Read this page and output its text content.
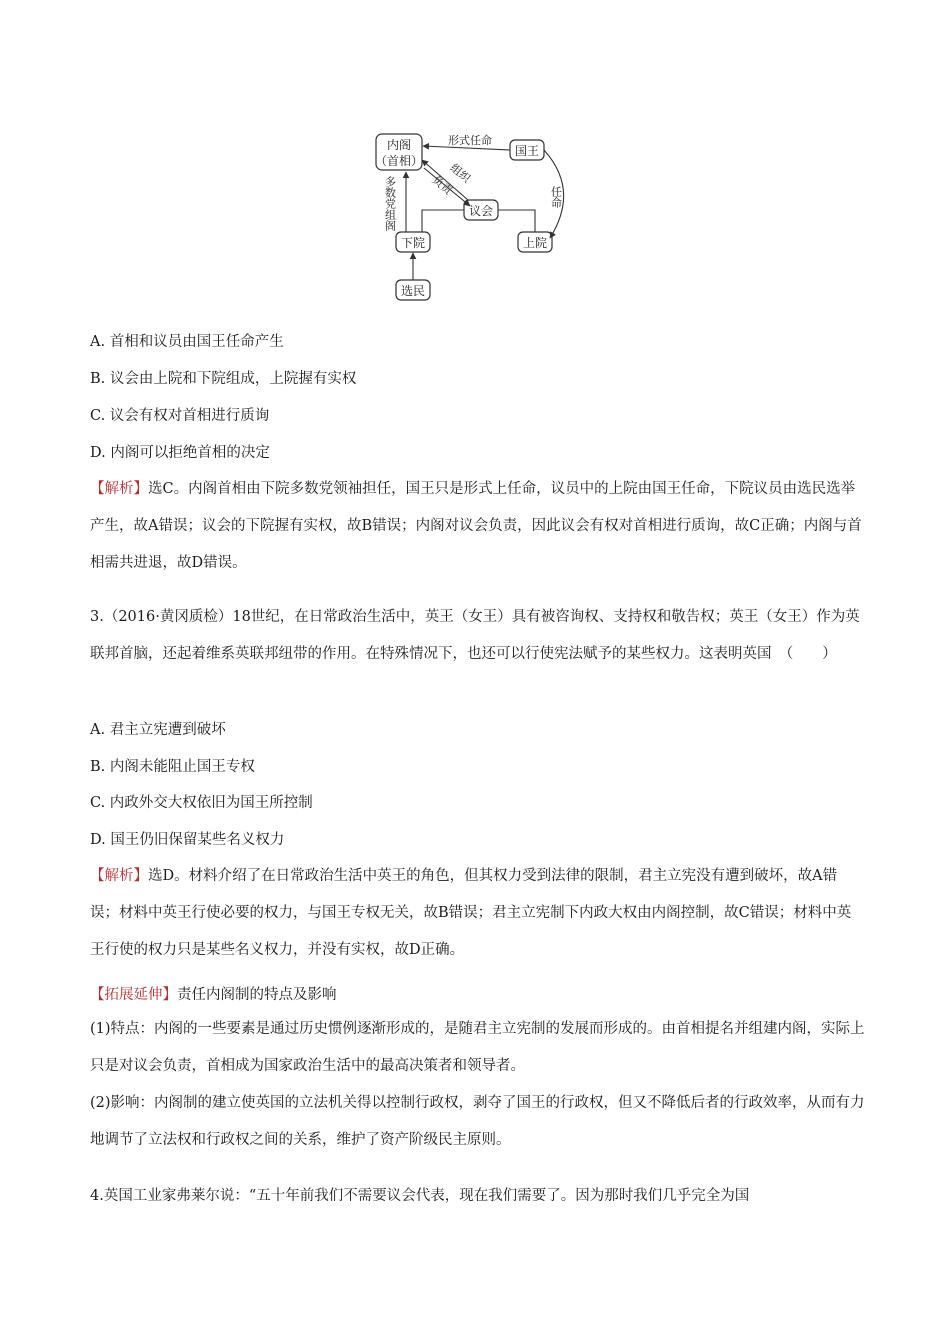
内阁
（首相）
国王
议会
下院	上院
选民
形式任命
组织
负责	任命
多数党组阁
A. 首相和议员由国王任命产生
B. 议会由上院和下院组成，上院握有实权
C. 议会有权对首相进行质询
D. 内阁可以拒绝首相的决定
【解析】选C。内阁首相由下院多数党领袖担任，国王只是形式上任命，议员中的上院由国王任命，下院议员由选民选举产生，故A错误；议会的下院握有实权，故B错误；内阁对议会负责，因此议会有权对首相进行质询，故C正确；内阁与首相需共进退，故D错误。
3.（2016·黄冈质检）18世纪，在日常政治生活中，英王（女王）具有被咨询权、支持权和敬告权；英王（女王）作为英联邦首脑，还起着维系英联邦纽带的作用。在特殊情况下，也还可以行使宪法赋予的某些权力。这表明英国　（　　）
A. 君主立宪遭到破坏
B. 内阁未能阻止国王专权
C. 内政外交大权依旧为国王所控制
D. 国王仍旧保留某些名义权力
【解析】选D。材料介绍了在日常政治生活中英王的角色，但其权力受到法律的限制，君主立宪没有遭到破坏，故A错误；材料中英王行使必要的权力，与国王专权无关，故B错误；君主立宪制下内政大权由内阁控制，故C错误；材料中英王行使的权力只是某些名义权力，并没有实权，故D正确。
【拓展延伸】责任内阁制的特点及影响
(1)特点：内阁的一些要素是通过历史惯例逐渐形成的，是随君主立宪制的发展而形成的。由首相提名并组建内阁，实际上只是对议会负责，首相成为国家政治生活中的最高决策者和领导者。
(2)影响：内阁制的建立使英国的立法机关得以控制行政权，剥夺了国王的行政权，但又不降低后者的行政效率，从而有力地调节了立法权和行政权之间的关系，维护了资产阶级民主原则。
4.英国工业家弗莱尔说：“五十年前我们不需要议会代表，现在我们需要了。因为那时我们几乎完全为国
